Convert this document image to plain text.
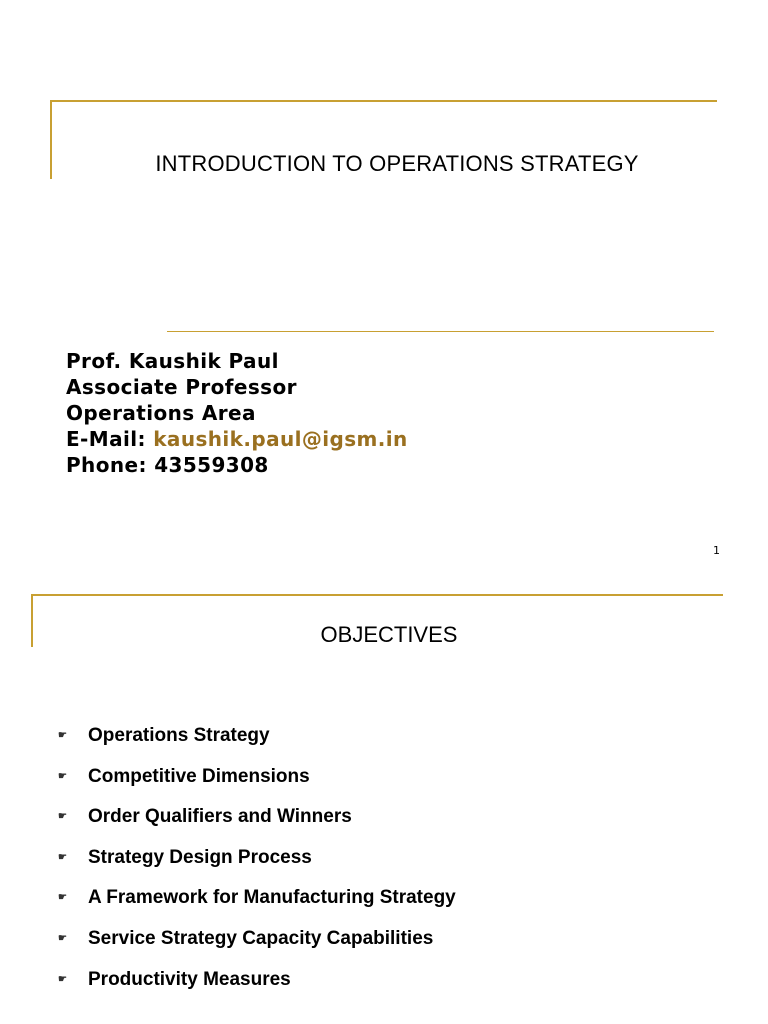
INTRODUCTION TO OPERATIONS STRATEGY
Prof. Kaushik Paul
Associate Professor
Operations Area
E-Mail: kaushik.paul@igsm.in
Phone: 43559308
1
OBJECTIVES
☛	Operations Strategy
☛	Competitive Dimensions
☛	Order Qualifiers and Winners
☛	Strategy Design Process
☛	A Framework for Manufacturing Strategy
☛	Service Strategy Capacity Capabilities
☛	Productivity Measures
